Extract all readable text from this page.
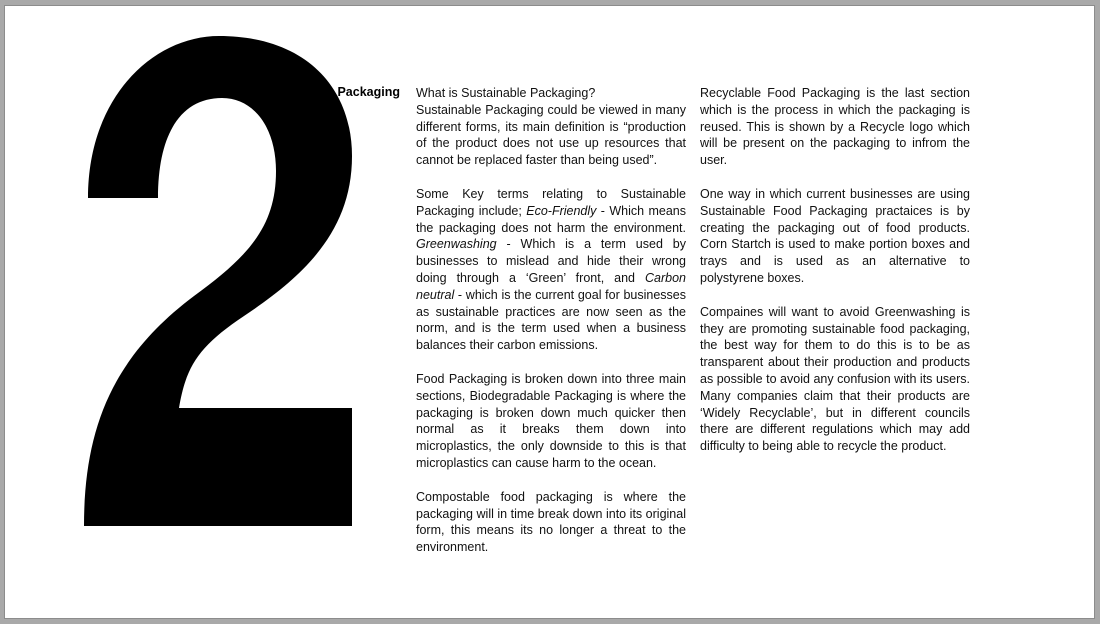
Sustainable Packaging What is Sustainable Packaging?

Sustainable Packaging could be viewed in many different forms, its main definition is “production of the product does not use up resources that cannot be replaced faster than being used”.

Some Key terms relating to Sustainable Packaging include; Eco-Friendly - Which means the packaging does not harm the environment. Greenwashing - Which is a term used by businesses to mislead and hide their wrong doing through a ‘Green’ front, and Carbon neutral - which is the current goal for businesses as sustainable practices are now seen as the norm, and is the term used when a business balances their carbon emissions.

Food Packaging is broken down into three main sections, Biodegradable Packaging is where the packaging is broken down much quicker then normal as it breaks them down into microplastics, the only downside to this is that microplastics can cause harm to the ocean.

Compostable food packaging is where the packaging will in time break down into its original form, this means its no longer a threat to the environment.

Recyclable Food Packaging is the last section which is the process in which the packaging is reused. This is shown by a Recycle logo which will be present on the packaging to infrom the user.

One way in which current businesses are using Sustainable Food Packaging practaices is by creating the packaging out of food products. Corn Startch is used to make portion boxes and trays and is used as an alternative to polystyrene boxes.

Compaines will want to avoid Greenwashing is they are promoting sustainable food packaging, the best way for them to do this is to be as transparent about their production and products as possible to avoid any confusion with its users. Many companies claim that their products are ‘Widely Recyclable’, but in different councils there are different regulations which may add difficulty to being able to recycle the product.
